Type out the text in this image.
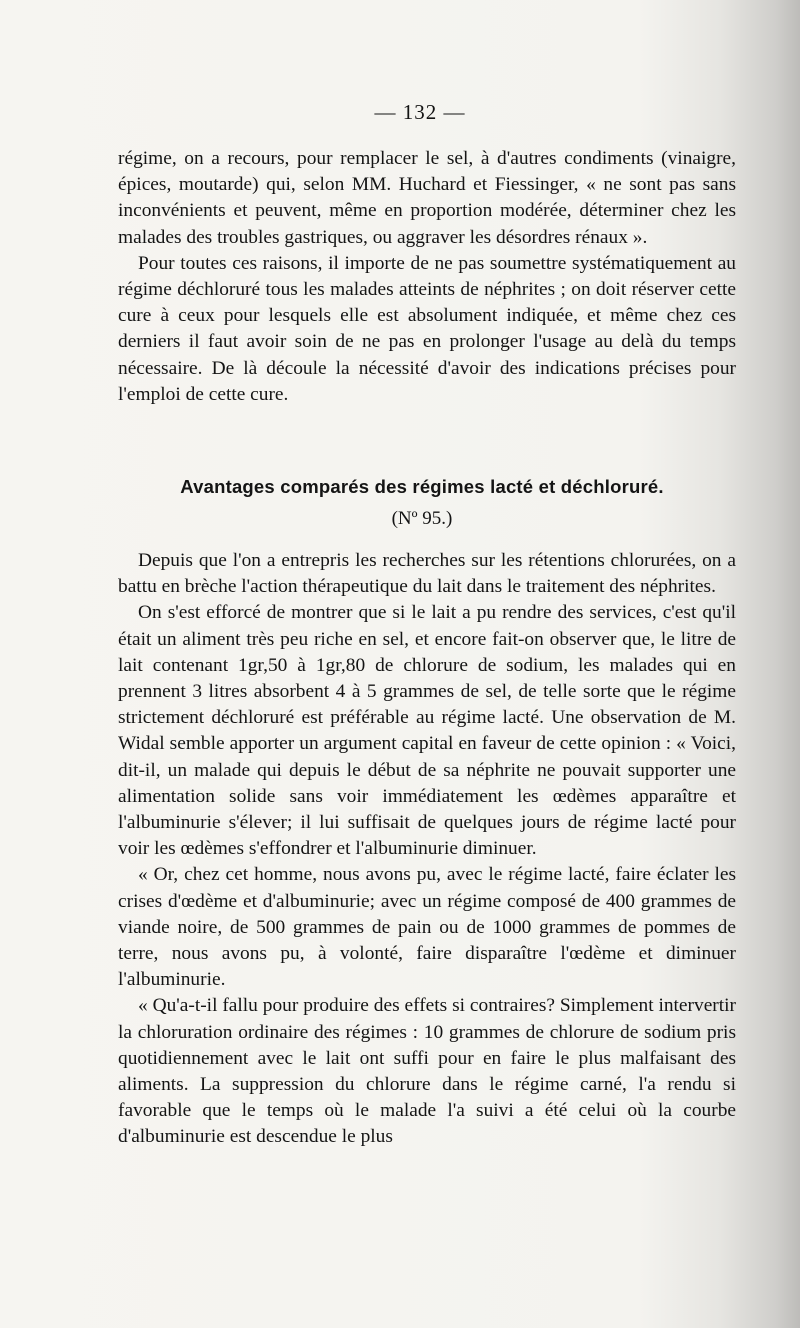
— 132 —

régime, on a recours, pour remplacer le sel, à d'autres condiments (vinaigre, épices, moutarde) qui, selon MM. Huchard et Fiessinger, « ne sont pas sans inconvénients et peuvent, même en proportion modérée, déterminer chez les malades des troubles gastriques, ou aggraver les désordres rénaux ».

Pour toutes ces raisons, il importe de ne pas soumettre systématiquement au régime déchloruré tous les malades atteints de néphrites ; on doit réserver cette cure à ceux pour lesquels elle est absolument indiquée, et même chez ces derniers il faut avoir soin de ne pas en prolonger l'usage au delà du temps nécessaire. De là découle la nécessité d'avoir des indications précises pour l'emploi de cette cure.

Avantages comparés des régimes lacté et déchloruré.
(Nº 95.)

Depuis que l'on a entrepris les recherches sur les rétentions chlorurées, on a battu en brèche l'action thérapeutique du lait dans le traitement des néphrites.

On s'est efforcé de montrer que si le lait a pu rendre des services, c'est qu'il était un aliment très peu riche en sel, et encore fait-on observer que, le litre de lait contenant 1gr,50 à 1gr,80 de chlorure de sodium, les malades qui en prennent 3 litres absorbent 4 à 5 grammes de sel, de telle sorte que le régime strictement déchloruré est préférable au régime lacté. Une observation de M. Widal semble apporter un argument capital en faveur de cette opinion : « Voici, dit-il, un malade qui depuis le début de sa néphrite ne pouvait supporter une alimentation solide sans voir immédiatement les œdèmes apparaître et l'albuminurie s'élever; il lui suffisait de quelques jours de régime lacté pour voir les œdèmes s'effondrer et l'albuminurie diminuer.

« Or, chez cet homme, nous avons pu, avec le régime lacté, faire éclater les crises d'œdème et d'albuminurie; avec un régime composé de 400 grammes de viande noire, de 500 grammes de pain ou de 1000 grammes de pommes de terre, nous avons pu, à volonté, faire disparaître l'œdème et diminuer l'albuminurie.

« Qu'a-t-il fallu pour produire des effets si contraires? Simplement intervertir la chloruration ordinaire des régimes : 10 grammes de chlorure de sodium pris quotidiennement avec le lait ont suffi pour en faire le plus malfaisant des aliments. La suppression du chlorure dans le régime carné, l'a rendu si favorable que le temps où le malade l'a suivi a été celui où la courbe d'albuminurie est descendue le plus
